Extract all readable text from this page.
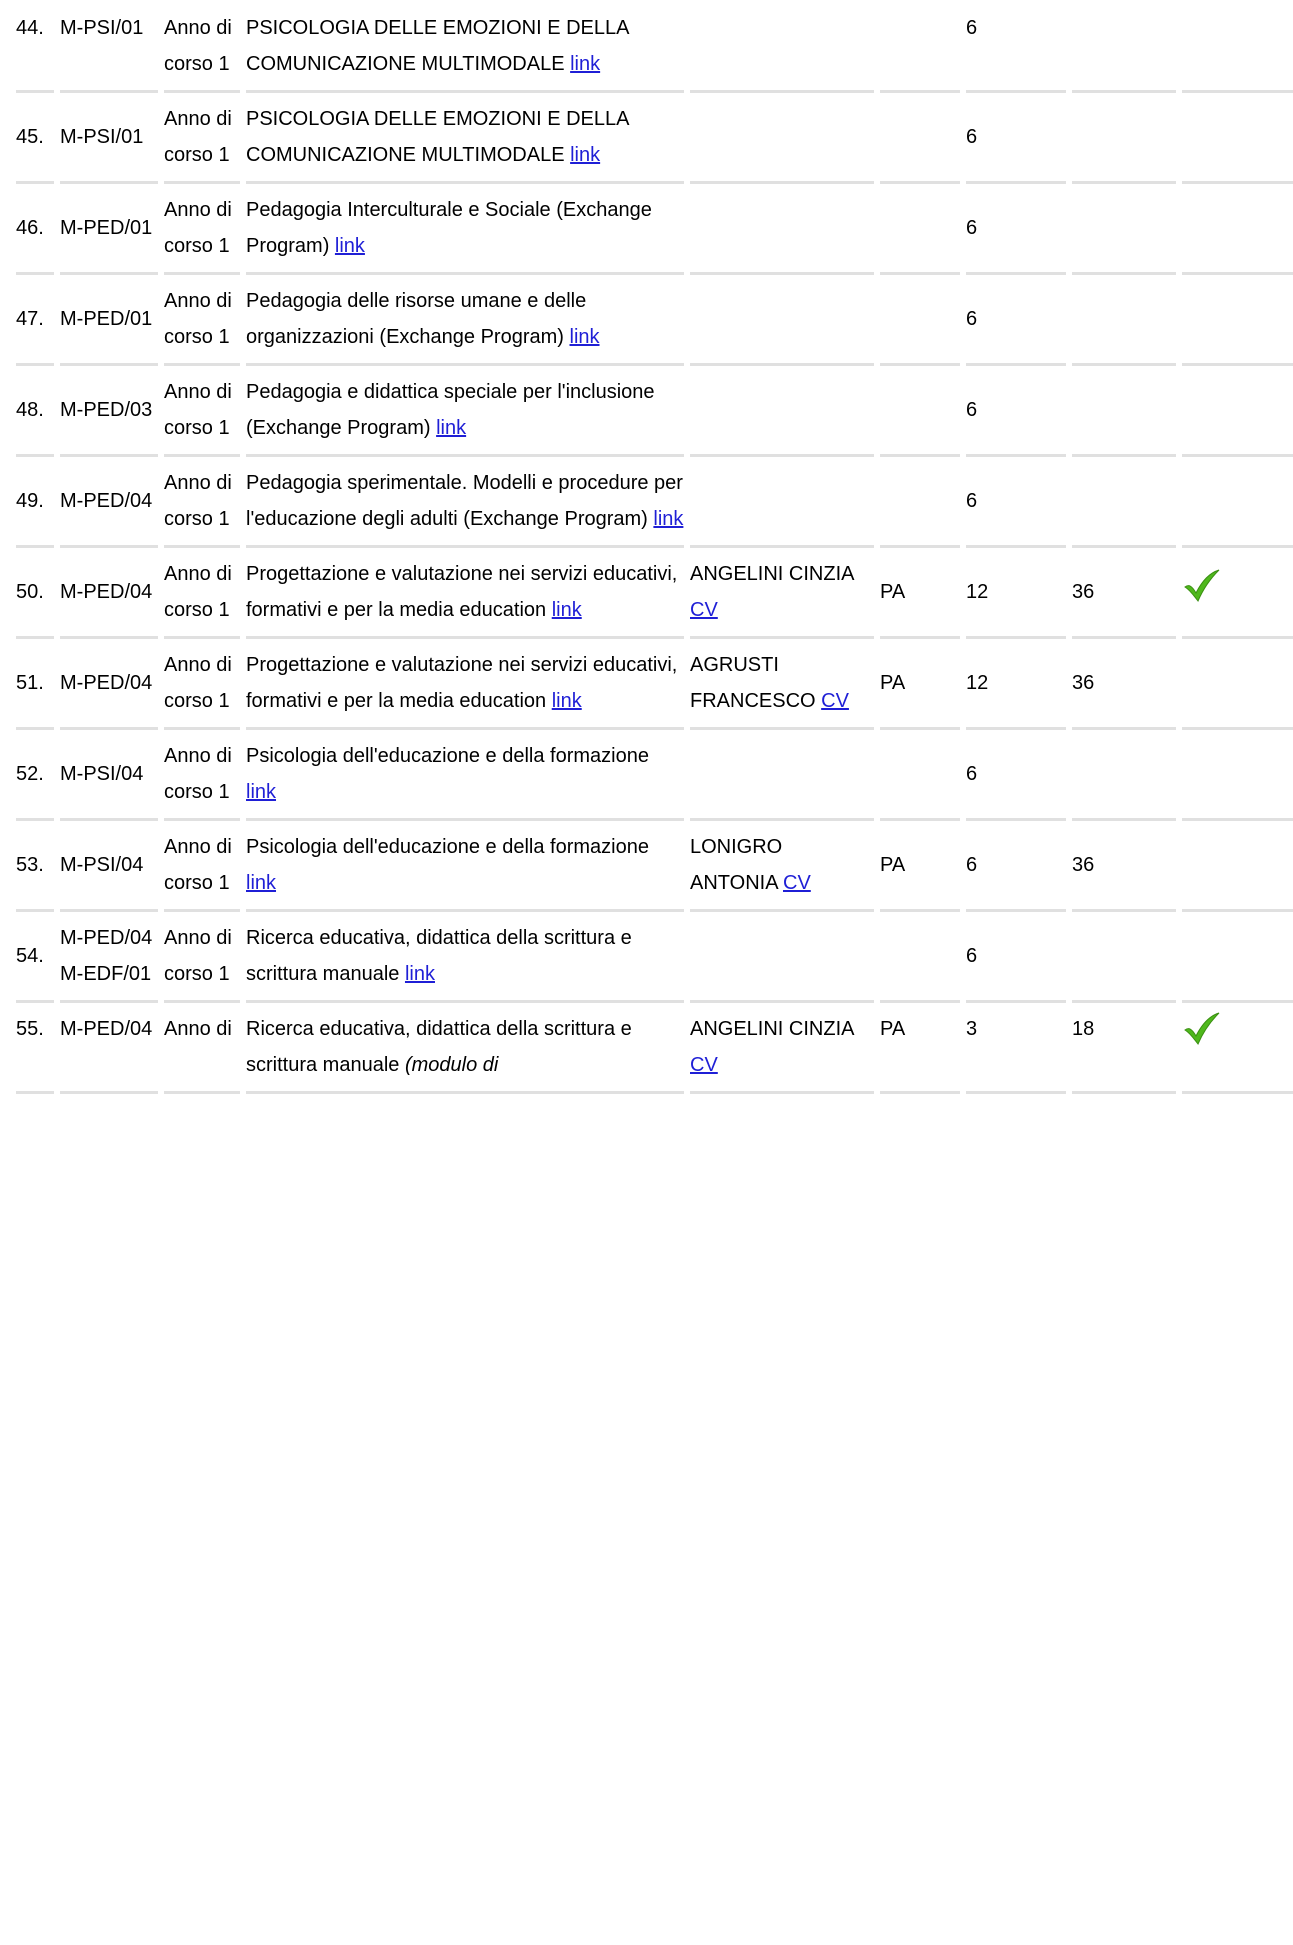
44.	M-PSI/01	Anno di corso 1	PSICOLOGIA DELLE EMOZIONI E DELLA COMUNICAZIONE MULTIMODALE link			6		
45.	M-PSI/01	Anno di corso 1	PSICOLOGIA DELLE EMOZIONI E DELLA COMUNICAZIONE MULTIMODALE link			6		
46.	M-PED/01	Anno di corso 1	Pedagogia Interculturale e Sociale (Exchange Program) link			6		
47.	M-PED/01	Anno di corso 1	Pedagogia delle risorse umane e delle organizzazioni (Exchange Program) link			6		
48.	M-PED/03	Anno di corso 1	Pedagogia e didattica speciale per l'inclusione (Exchange Program) link			6		
49.	M-PED/04	Anno di corso 1	Pedagogia sperimentale. Modelli e procedure per l'educazione degli adulti (Exchange Program) link			6		
50.	M-PED/04	Anno di corso 1	Progettazione e valutazione nei servizi educativi, formativi e per la media education link	ANGELINI CINZIA CV	PA	12	36	

51.	M-PED/04	Anno di corso 1	Progettazione e valutazione nei servizi educativi, formativi e per la media education link	AGRUSTI FRANCESCO CV	PA	12	36	
52.	M-PSI/04	Anno di corso 1	Psicologia dell'educazione e della formazione link			6		
53.	M-PSI/04	Anno di corso 1	Psicologia dell'educazione e della formazione link	LONIGRO ANTONIA CV	PA	6	36	
54.	M-PED/04 M-EDF/01	Anno di corso 1	Ricerca educativa, didattica della scrittura e scrittura manuale link			6		
55.	M-PED/04	Anno di	Ricerca educativa, didattica della scrittura e scrittura manuale (modulo di	ANGELINI CINZIA CV	PA	3	18	
